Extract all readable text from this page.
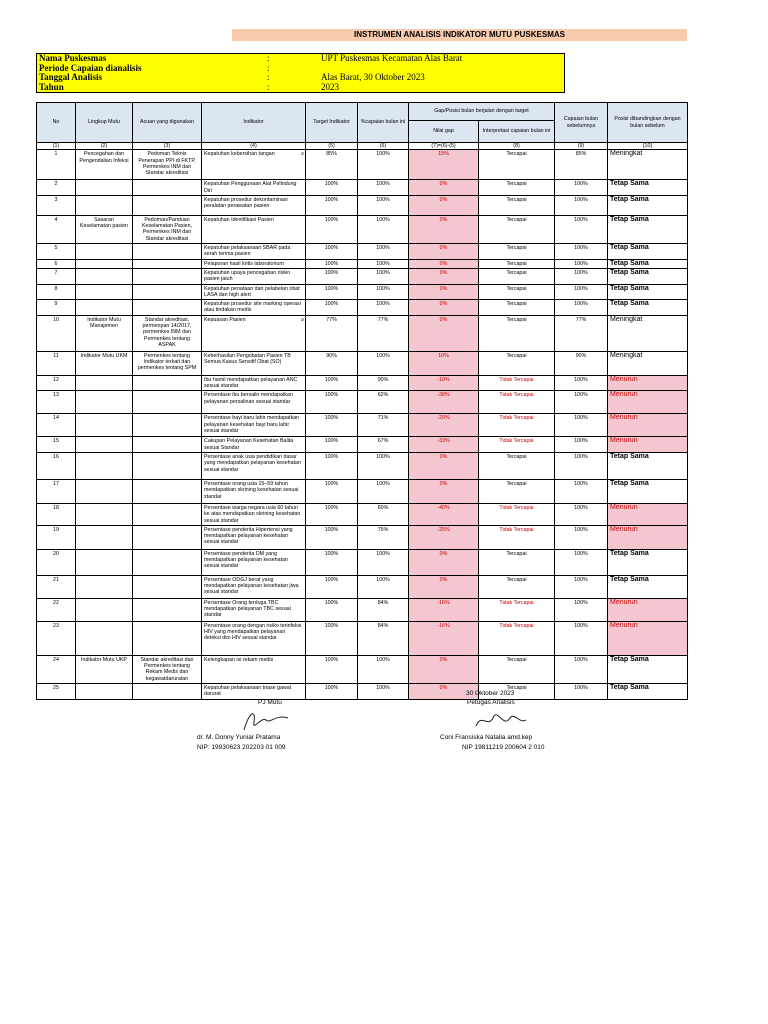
INSTRUMEN ANALISIS INDIKATOR MUTU PUSKESMAS
Nama Puskesmas	:	UPT Puskesmas Kecamatan Alas Barat
Periode Capaian dianalisis	:
Tanggal Analisis	:	Alas Barat, 30 Oktober 2023
Tahun	:	2023
No	Lingkup Mutu	Acuan yang digunakan	Indikator	Target Indikator	%capaian bulan ini	Gap/Posisi bulan berjalan dengan target		Capaian bulan sebelumnya	Posisi dibandingkan dengan bulan sebelum
						Nilai gap	Interpretasi capaian bulan ini		
(1)	(2)	(3)	(4)	(5)	(6)	(7)=(6)-(5)	(8)	(9)	[10]
1	Pencegahan dan Pengendalian Infeksi	Pedoman Teknis Penerapan PPI di FKTP, Permenkes INM dan Standar akreditasi	Kepatuhan kebersihan tangan ≥	85%	100%	15%	Tercapai	85%	Meningkat
2			Kepatuhan Penggunaan Alat Pelindung Diri	100%	100%	0%	Tercapai	100%	Tetap Sama
3			Kepatuhan prosedur dekontaminasi peralatan perawatan pasien	100%	100%	0%	Tercapai	100%	Tetap Sama
4	Sasaran Keselamatan pasien	Pedoman/Panduan Keselamatan Pasien, Permenkes INM dan Standar akreditasi	Kepatuhan Identifikasi Pasien	100%	100%	0%	Tercapai	100%	Tetap Sama
5			Kepatuhan pelaksanaan SBAR pada serah terima pasien	100%	100%	0%	Tercapai	100%	Tetap Sama
6			Pelaporan hasil kritis laboratorium	100%	100%	0%	Tercapai	100%	Tetap Sama
7			Kepatuhan upaya pencegahan risiko pasien jatuh	100%	100%	0%	Tercapai	100%	Tetap Sama
8			Kepatuhan penataan dan pelabelan obat LASA dan high alert	100%	100%	0%	Tercapai	100%	Tetap Sama
9			Kepatuhan prosedur site marking operasi atau tindakan medis	100%	100%	0%	Tercapai	100%	Tetap Sama
10	Indikator Mutu Manajemen	Standar akreditasi, permenpan 14/2017, permenkes INM dan Permenkes tentang ASPAK	Kepuasan Pasien ≥	77%	77%	0%	Tercapai	77%	Meningkat
11	Indikator Mutu UKM	Permenkes tentang Indikator terkait dan permenkes tentang SPM	Keberhasilan Pengobatan Pasien TB Semua Kasus Sensitif Obat (SO)	90%	100%	10%	Tercapai	90%	Meningkat
12			Ibu hamil mendapatkan pelayanan ANC sesuai standar	100%	90%	-10%	Tidak Tercapai	100%	Menurun
13			Persentase ibu bersalin mendapatkan pelayanan persalinan sesuai standar	100%	62%	-38%	Tidak Tercapai	100%	Menurun
14			Persentase bayi baru lahir mendapatkan pelayanan kesehatan bayi baru lahir sesuai standar	100%	71%	-29%	Tidak Tercapai	100%	Menurun
15			Cakupan Pelayanan Kesehatan Balita sesuai Standar	100%	67%	-33%	Tidak Tercapai	100%	Menurun
16			Persentase anak usia pendidikan dasar yang mendapatkan pelayanan kesehatan sesuai standar	100%	100%	0%	Tercapai	100%	Tetap Sama
17			Persentase orang usia 15–59 tahun mendapatkan skrining kesehatan sesuai standar	100%	100%	0%	Tercapai	100%	Tetap Sama
18			Persentase warga negara usia 60 tahun ke atas mendapatkan skrining kesehatan sesuai standar	100%	60%	-40%	Tidak Tercapai	100%	Menurun
19			Persentase penderita Hipertensi yang mendapatkan pelayanan kesehatan sesuai standar	100%	75%	-25%	Tidak Tercapai	100%	Menurun
20			Persentase penderita DM yang mendapatkan pelayanan kesehatan sesuai standar	100%	100%	0%	Tercapai	100%	Tetap Sama
21			Persentase ODGJ berat yang mendapatkan pelayanan kesehatan jiwa sesuai standar	100%	100%	0%	Tercapai	100%	Tetap Sama
22			Persentase Orang terduga TBC mendapatkan pelayanan TBC sesuai standar	100%	84%	-16%	Tidak Tercapai	100%	Menurun
23			Persentase orang dengan risiko terinfeksi HIV yang mendapatkan pelayanan deteksi dini HIV sesuai standar	100%	84%	-16%	Tidak Tercapai	100%	Menurun
24	Indikator Mutu UKP	Standar akreditasi dan Permenkes tentang Rekam Medis dan kegawatdaruratan	Kelengkapan isi rekam medis	100%	100%	0%	Tercapai	100%	Tetap Sama
25			Kepatuhan pelaksanaan triase gawat darurat	100%	100%	0%	Tercapai	100%	Tetap Sama
30 Oktober 2023
PJ Mutu	Petugas Analisis
dr. M. Donny Yuniar Pratama	Coni Fransiska Natalia amd.kep
NIP: 19930623 202203 01 009	NIP 19811219 200604 2 010
